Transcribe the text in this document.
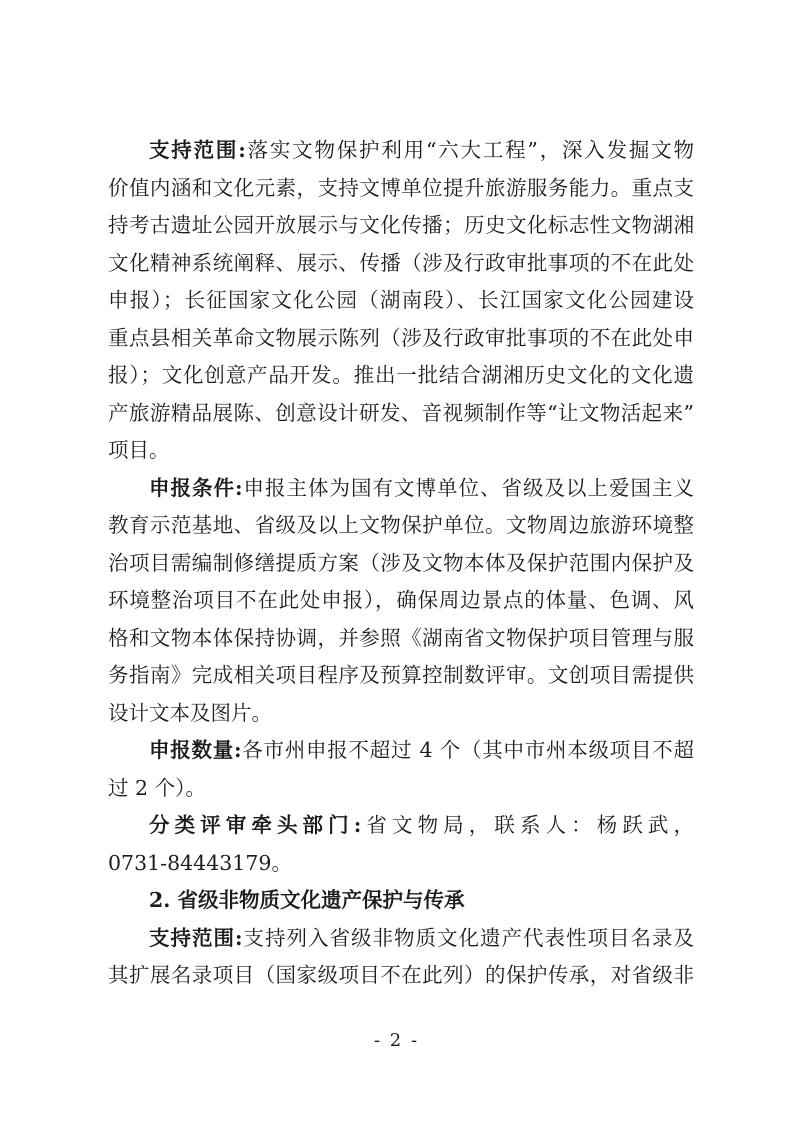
支持范围:落实文物保护利用“六大工程”，深入发掘文物
价值内涵和文化元素，支持文博单位提升旅游服务能力。重点支
持考古遗址公园开放展示与文化传播；历史文化标志性文物湖湘
文化精神系统阐释、展示、传播（涉及行政审批事项的不在此处
申报）；长征国家文化公园（湖南段）、长江国家文化公园建设
重点县相关革命文物展示陈列（涉及行政审批事项的不在此处申
报）；文化创意产品开发。推出一批结合湖湘历史文化的文化遗
产旅游精品展陈、创意设计研发、音视频制作等“让文物活起来”
项目。
申报条件:申报主体为国有文博单位、省级及以上爱国主义
教育示范基地、省级及以上文物保护单位。文物周边旅游环境整
治项目需编制修缮提质方案（涉及文物本体及保护范围内保护及
环境整治项目不在此处申报），确保周边景点的体量、色调、风
格和文物本体保持协调，并参照《湖南省文物保护项目管理与服
务指南》完成相关项目程序及预算控制数评审。文创项目需提供
设计文本及图片。
申报数量:各市州申报不超过 4 个（其中市州本级项目不超
过 2 个）。
分类评审牵头部门:省文物局，联系人：杨跃武，
0731-84443179。
2. 省级非物质文化遗产保护与传承
支持范围:支持列入省级非物质文化遗产代表性项目名录及
其扩展名录项目（国家级项目不在此列）的保护传承，对省级非
- 2 -
